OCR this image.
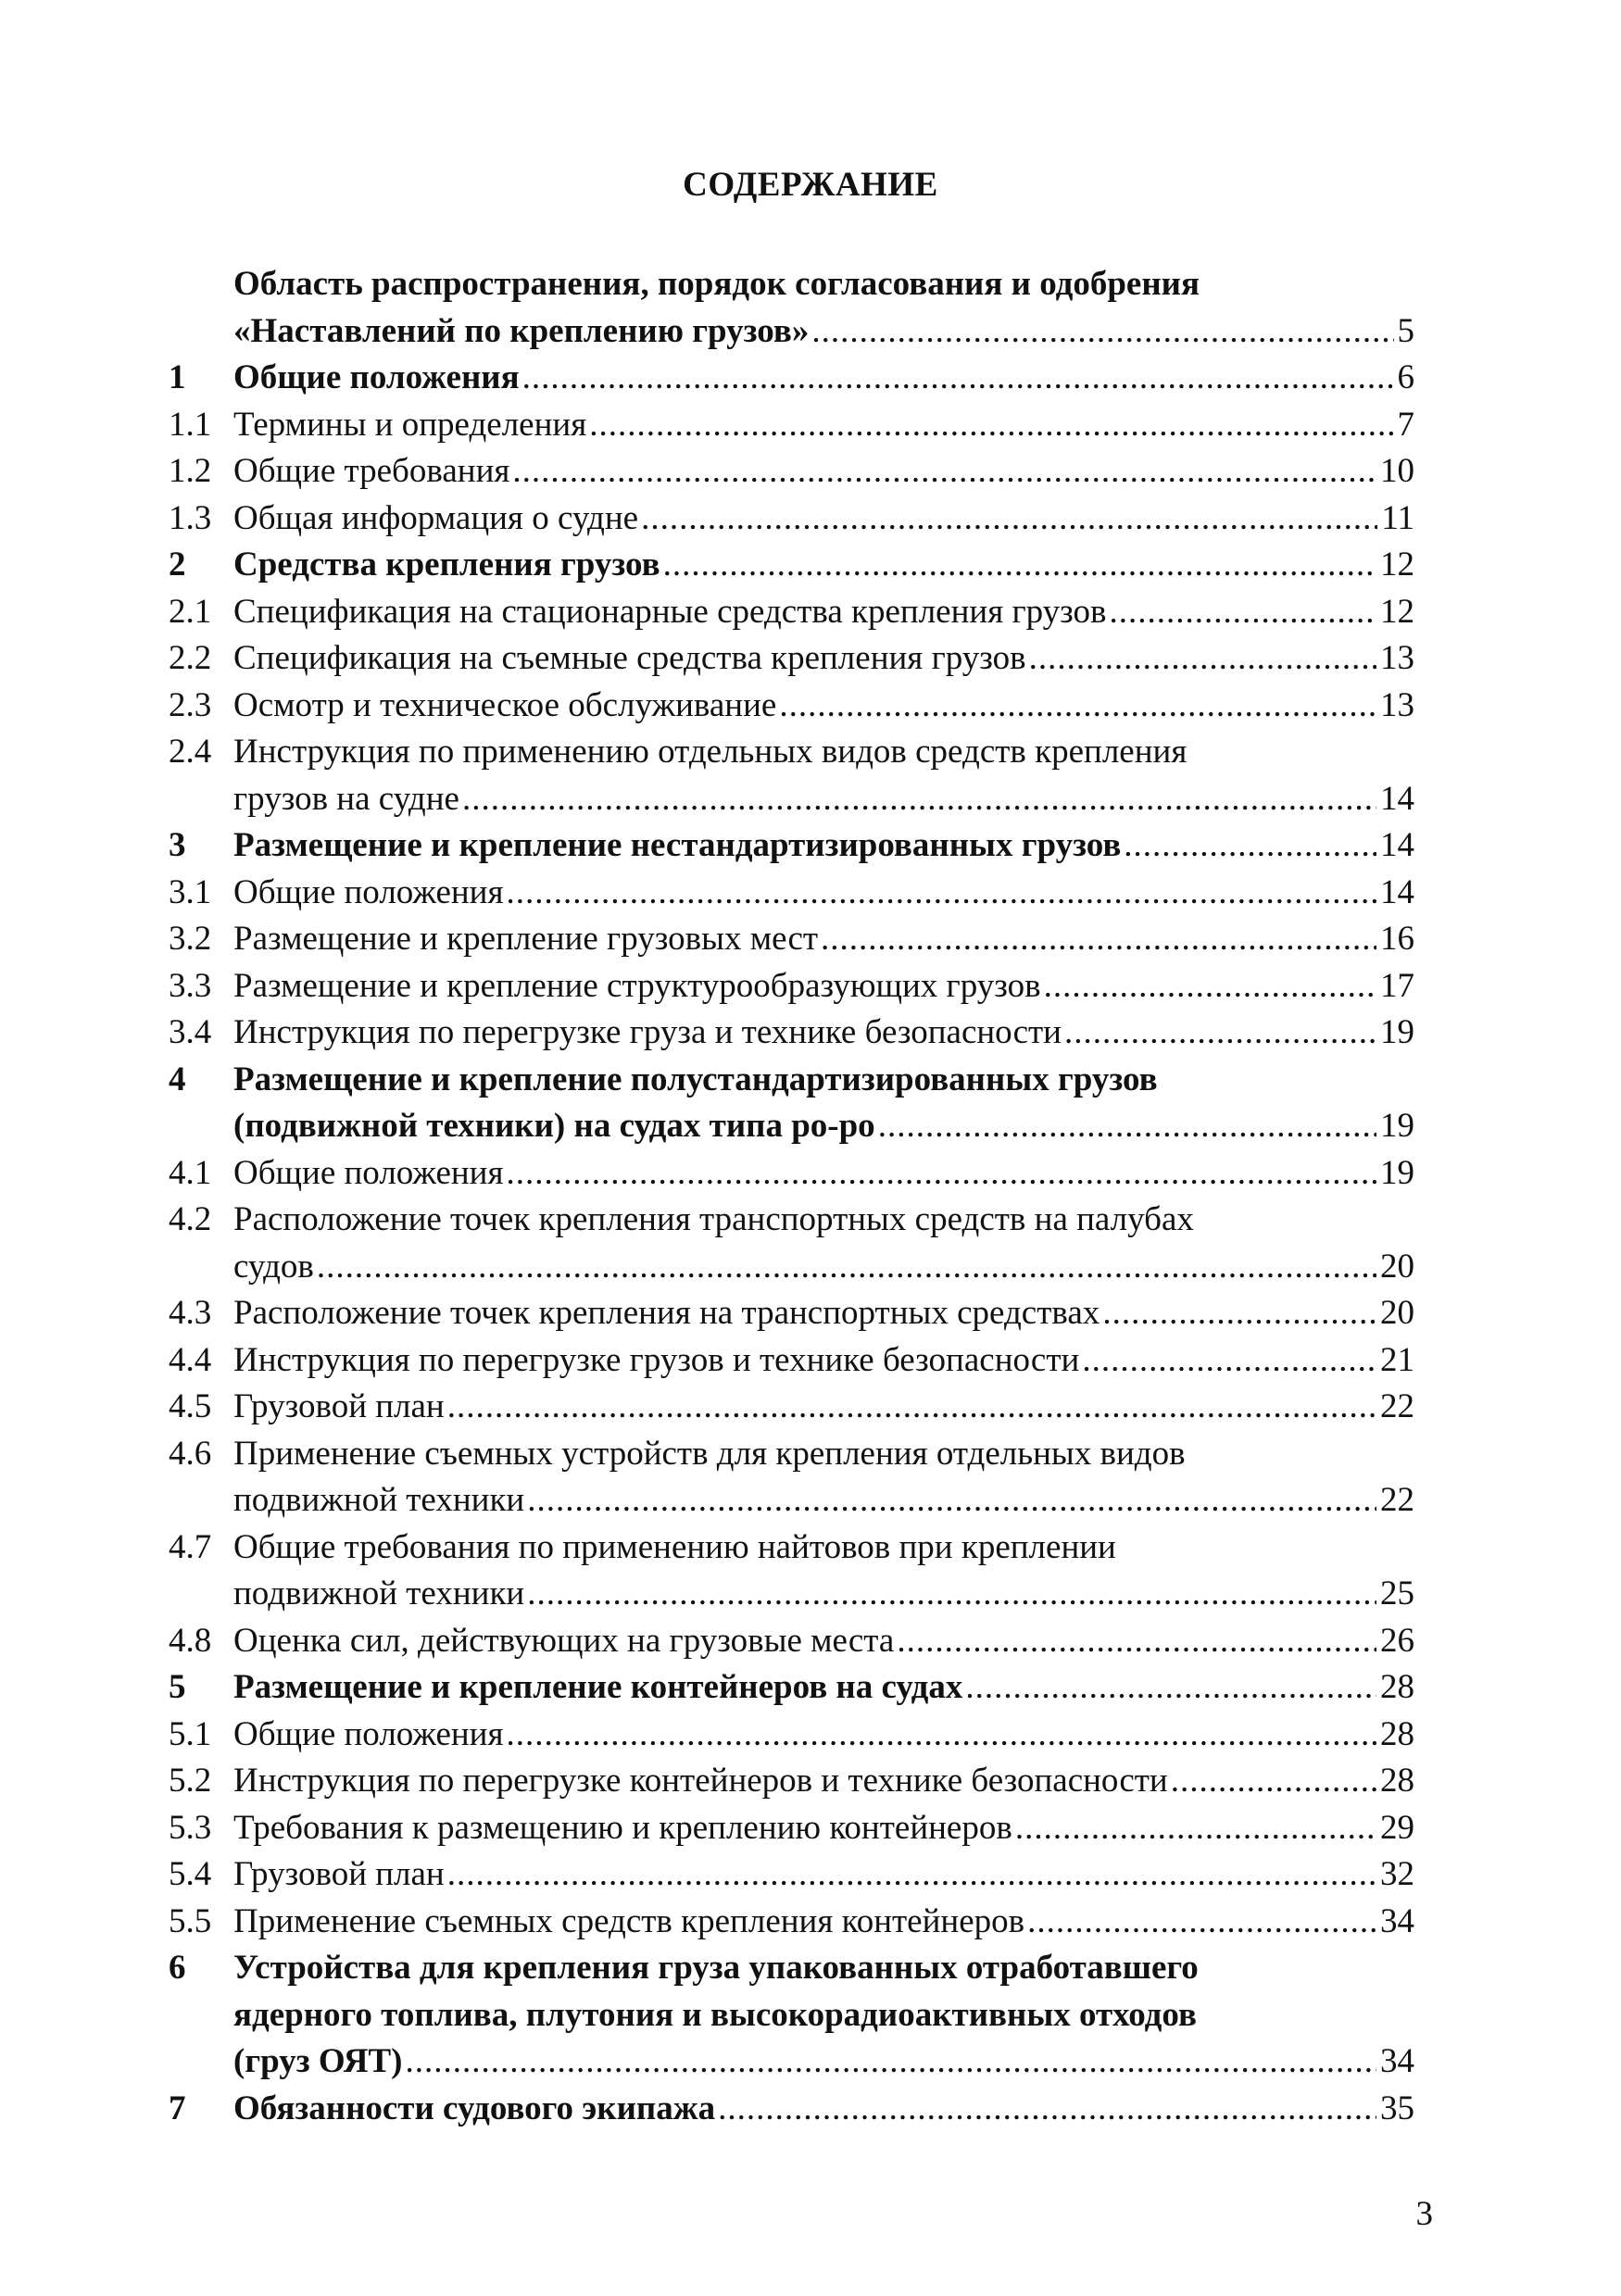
СОДЕРЖАНИЕ
Область распространения, порядок согласования и одобрения
«Наставлений по креплению грузов» .....	5
1 Общие положения .....	6
1.1 Термины и определения .....	7
1.2 Общие требования .....	10
1.3 Общая информация о судне .....	11
2 Средства крепления грузов .....	12
2.1 Спецификация на стационарные средства крепления грузов .....	12
2.2 Спецификация на съемные средства крепления грузов .....	13
2.3 Осмотр и техническое обслуживание .....	13
2.4 Инструкция по применению отдельных видов средств крепления
грузов на судне .....	14
3 Размещение и крепление нестандартизированных грузов .....	14
3.1 Общие положения .....	14
3.2 Размещение и крепление грузовых мест .....	16
3.3 Размещение и крепление структурообразующих грузов .....	17
3.4 Инструкция по перегрузке груза и технике безопасности .....	19
4 Размещение и крепление полустандартизированных грузов
(подвижной техники) на судах типа ро-ро .....	19
4.1 Общие положения .....	19
4.2 Расположение точек крепления транспортных средств на палубах
судов .....	20
4.3 Расположение точек крепления на транспортных средствах .....	20
4.4 Инструкция по перегрузке грузов и технике безопасности .....	21
4.5 Грузовой план .....	22
4.6 Применение съемных устройств для крепления отдельных видов
подвижной техники .....	22
4.7 Общие требования по применению найтовов при креплении
подвижной техники .....	25
4.8 Оценка сил, действующих на грузовые места .....	26
5 Размещение и крепление контейнеров на судах .....	28
5.1 Общие положения .....	28
5.2 Инструкция по перегрузке контейнеров и технике безопасности .....	28
5.3 Требования к размещению и креплению контейнеров .....	29
5.4 Грузовой план .....	32
5.5 Применение съемных средств крепления контейнеров .....	34
6 Устройства для крепления груза упакованных отработавшего
ядерного топлива, плутония и высокорадиоактивных отходов
(груз ОЯТ) .....	34
7 Обязанности судового экипажа .....	35
3
